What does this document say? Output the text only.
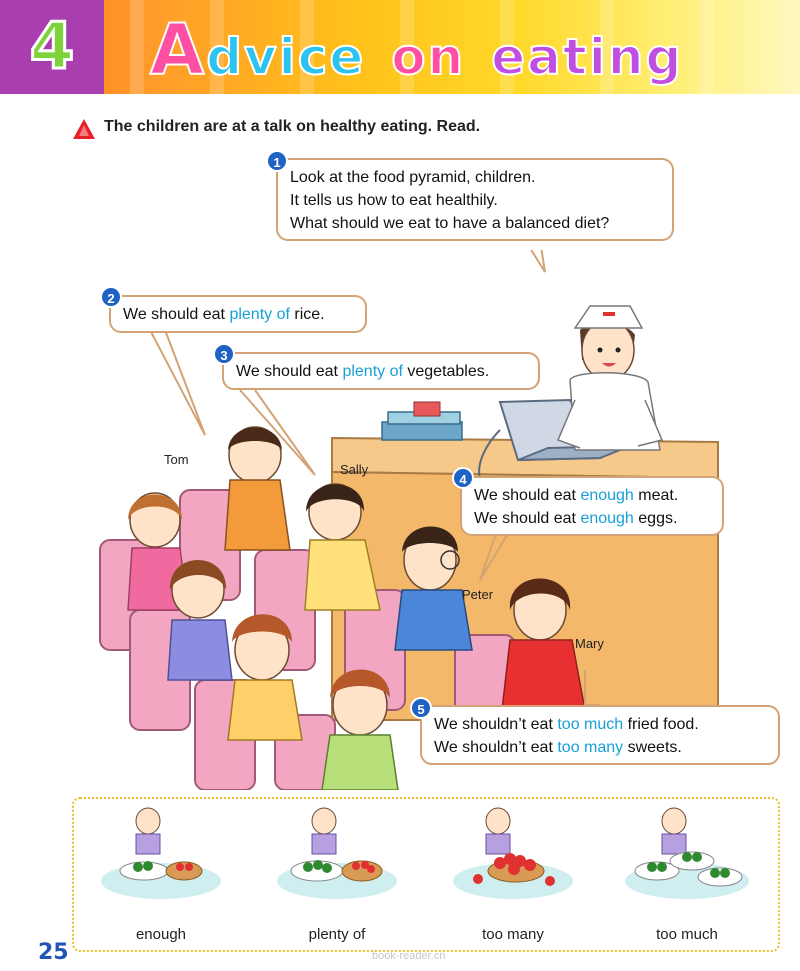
4 Advice on eating
The children are at a talk on healthy eating. Read.
Tom
Sally
Peter
Mary
Look at the food pyramid, children.
It tells us how to eat healthily.
What should we eat to have a balanced diet?
1
We should eat plenty of rice.
2
We should eat plenty of vegetables.
3
We should eat enough meat.
We should eat enough eggs.
4
We shouldn’t eat too much fried food.
We shouldn’t eat too many sweets.
5
enough	plenty of	too many	too much
25	book-reader.cn
